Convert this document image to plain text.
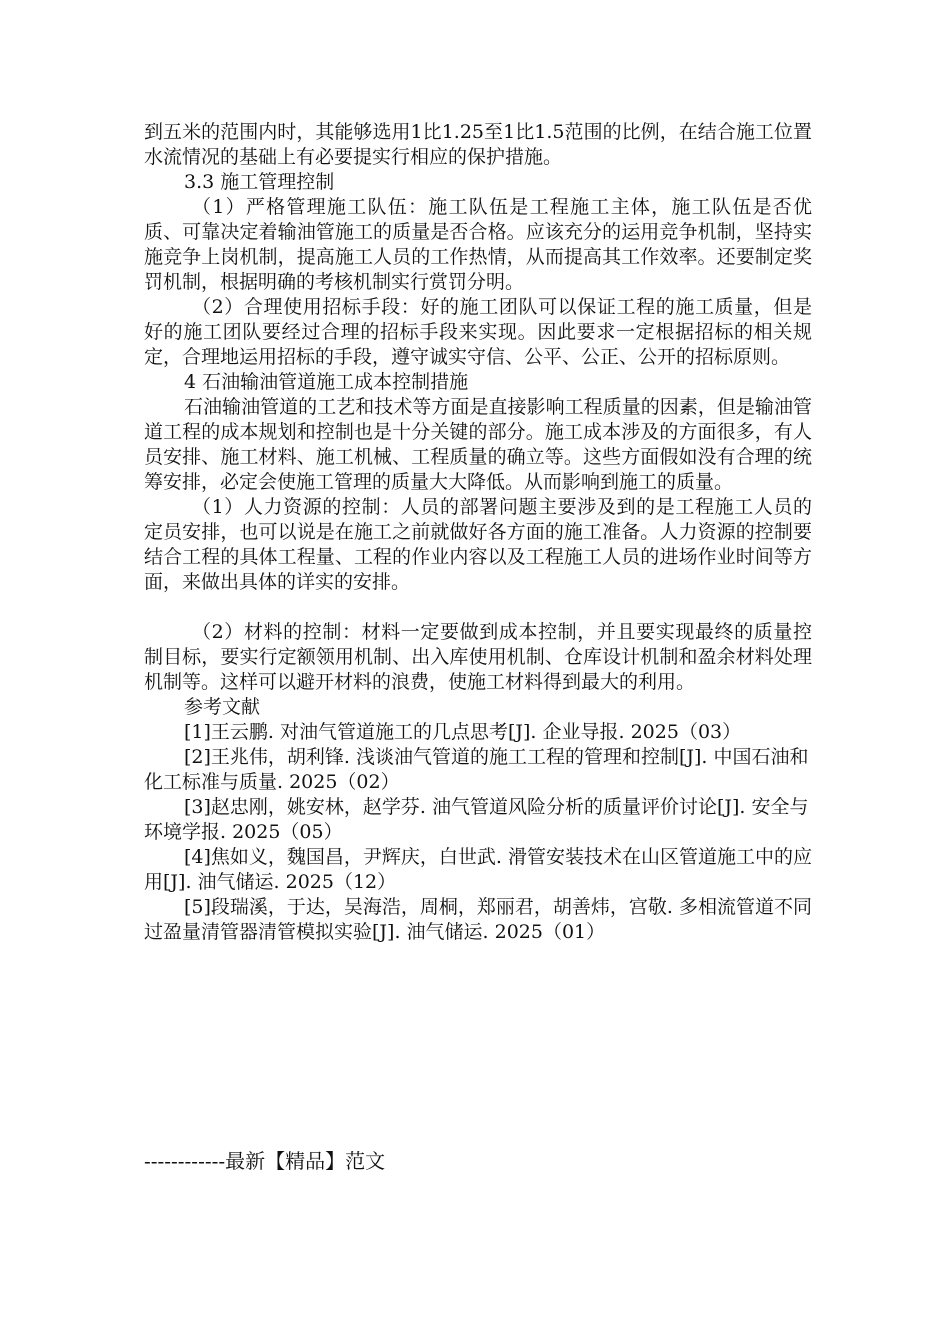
到五米的范围内时，其能够选用1比1.25至1比1.5范围的比例，在结合施工位置水流情况的基础上有必要提实行相应的保护措施。

3.3 施工管理控制

（1）严格管理施工队伍：施工队伍是工程施工主体，施工队伍是否优质、可靠决定着输油管施工的质量是否合格。应该充分的运用竞争机制，坚持实施竞争上岗机制，提高施工人员的工作热情，从而提高其工作效率。还要制定奖罚机制，根据明确的考核机制实行赏罚分明。

（2）合理使用招标手段：好的施工团队可以保证工程的施工质量，但是好的施工团队要经过合理的招标手段来实现。因此要求一定根据招标的相关规定，合理地运用招标的手段，遵守诚实守信、公平、公正、公开的招标原则。

4 石油输油管道施工成本控制措施

石油输油管道的工艺和技术等方面是直接影响工程质量的因素，但是输油管道工程的成本规划和控制也是十分关键的部分。施工成本涉及的方面很多，有人员安排、施工材料、施工机械、工程质量的确立等。这些方面假如没有合理的统筹安排，必定会使施工管理的质量大大降低。从而影响到施工的质量。

（1）人力资源的控制：人员的部署问题主要涉及到的是工程施工人员的定员安排，也可以说是在施工之前就做好各方面的施工准备。人力资源的控制要结合工程的具体工程量、工程的作业内容以及工程施工人员的进场作业时间等方面，来做出具体的详实的安排。

（2）材料的控制：材料一定要做到成本控制，并且要实现最终的质量控制目标，要实行定额领用机制、出入库使用机制、仓库设计机制和盈余材料处理机制等。这样可以避开材料的浪费，使施工材料得到最大的利用。

参考文献

[1]王云鹏. 对油气管道施工的几点思考[J]. 企业导报. 2025（03）

[2]王兆伟，胡利锋. 浅谈油气管道的施工工程的管理和控制[J]. 中国石油和化工标准与质量. 2025（02）

[3]赵忠刚，姚安林，赵学芬. 油气管道风险分析的质量评价讨论[J]. 安全与环境学报. 2025（05）

[4]焦如义，魏国昌，尹辉庆，白世武. 滑管安装技术在山区管道施工中的应用[J]. 油气储运. 2025（12）

[5]段瑞溪，于达，吴海浩，周桐，郑丽君，胡善炜，宫敬. 多相流管道不同过盈量清管器清管模拟实验[J]. 油气储运. 2025（01）

------------最新【精品】范文
